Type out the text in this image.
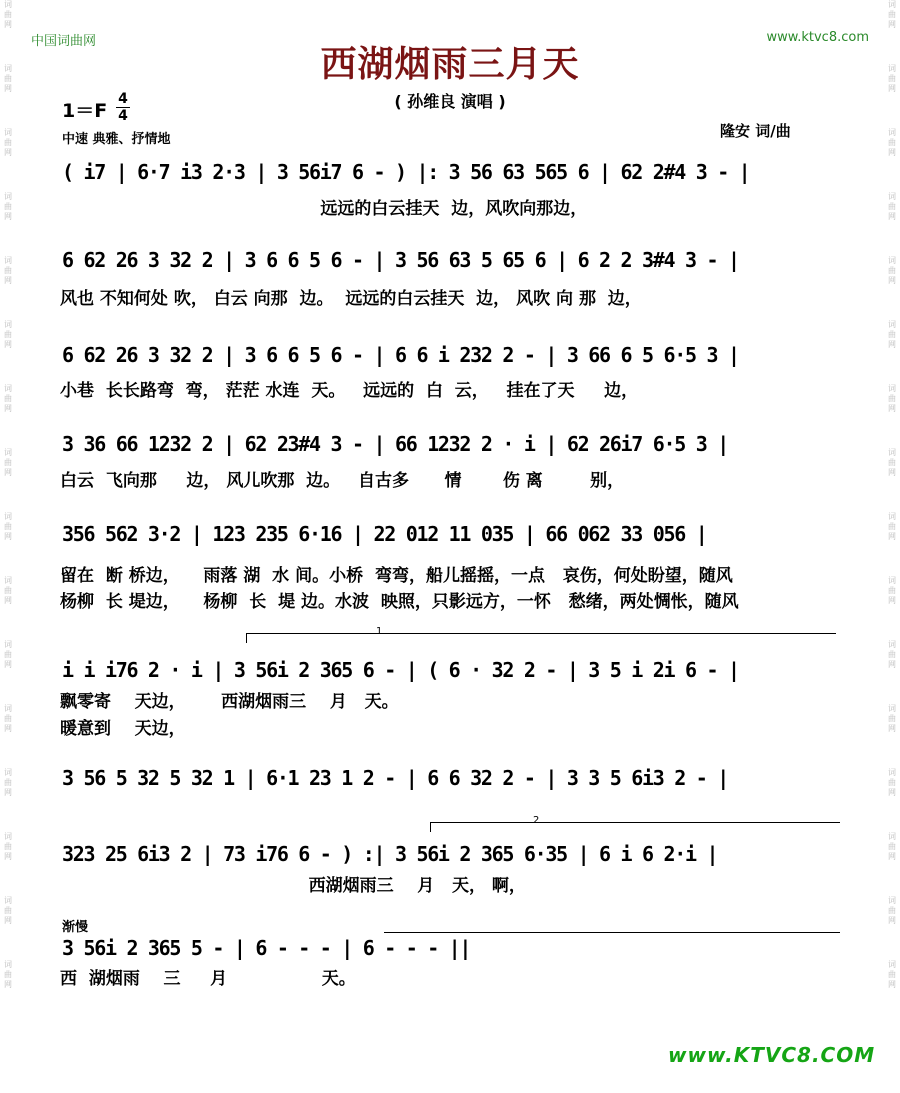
词
曲
网
词
曲
网
词
曲
网
词
曲
网
词
曲
网
词
曲
网
词
曲
网
词
曲
网
词
曲
网
词
曲
网
词
曲
网
词
曲
网
词
曲
网
词
曲
网
词
曲
网
词
曲
网
词
曲
网
词
曲
网
词
曲
网
词
曲
网
词
曲
网
词
曲
网
词
曲
网
词
曲
网
词
曲
网
词
曲
网
词
曲
网
词
曲
网
词
曲
网
词
曲
网
词
曲
网
词
曲
网
中国词曲网	www.ktvc8.com
西湖烟雨三月天
( 孙维良 演唱 )
1＝F
4
4
中速 典雅、抒情地	隆安 词/曲
( i7 | 6·7 i3 2·3 | 3 56i7 6 - ) |: 3 56 63 565 6 | 62 2#4 3 - |
远远的白云挂天  边，风吹向那边，
6 62 26 3 32 2 | 3 6 6 5 6 - | 3 56 63 5 65 6 | 6 2 2 3#4 3 - |
风也 不知何处 吹， 白云 向那  边。  远远的白云挂天  边， 风吹 向 那  边，
6 62 26 3 32 2 | 3 6 6 5 6 - | 6 6 i 232 2 - | 3 66 6 5 6·5 3 |
小巷  长长路弯  弯， 茫茫 水连  天。   远远的  白  云，   挂在了天     边，
3 36 66 1232 2 | 62 23#4 3 - | 66 1232 2 · i | 62 26i7 6·5 3 |
白云  飞向那     边， 风儿吹那  边。   自古多      情       伤 离        别，
356 562 3·2 | 123 235 6·16 | 22 012 11 035 | 66 062 33 056 |
留在  断 桥边，    雨落 湖  水 间。小桥  弯弯，船儿摇摇，一点   哀伤，何处盼望，随风
杨柳  长 堤边，    杨柳  长  堤 边。水波  映照，只影远方，一怀   愁绪，两处惆怅，随风
1
i i i76 2 · i | 3 56i 2 365 6 - | ( 6 · 32 2 - | 3 5 i 2i 6 - |
飘零寄    天边，      西湖烟雨三    月   天。
暖意到    天边，
3 56 5 32 5 32 1 | 6·1 23 1 2 - | 6 6 32 2 - | 3 3 5 6i3 2 - |
2
323 25 6i3 2 | 73 i76 6 - ) :| 3 56i 2 365 6·35 | 6 i 6 2·i |
西湖烟雨三    月   天， 啊，
渐慢
3 56i 2 365 5 - | 6 - - - | 6 - - - ||
西  湖烟雨    三     月                天。
www.KTVC8.COM
